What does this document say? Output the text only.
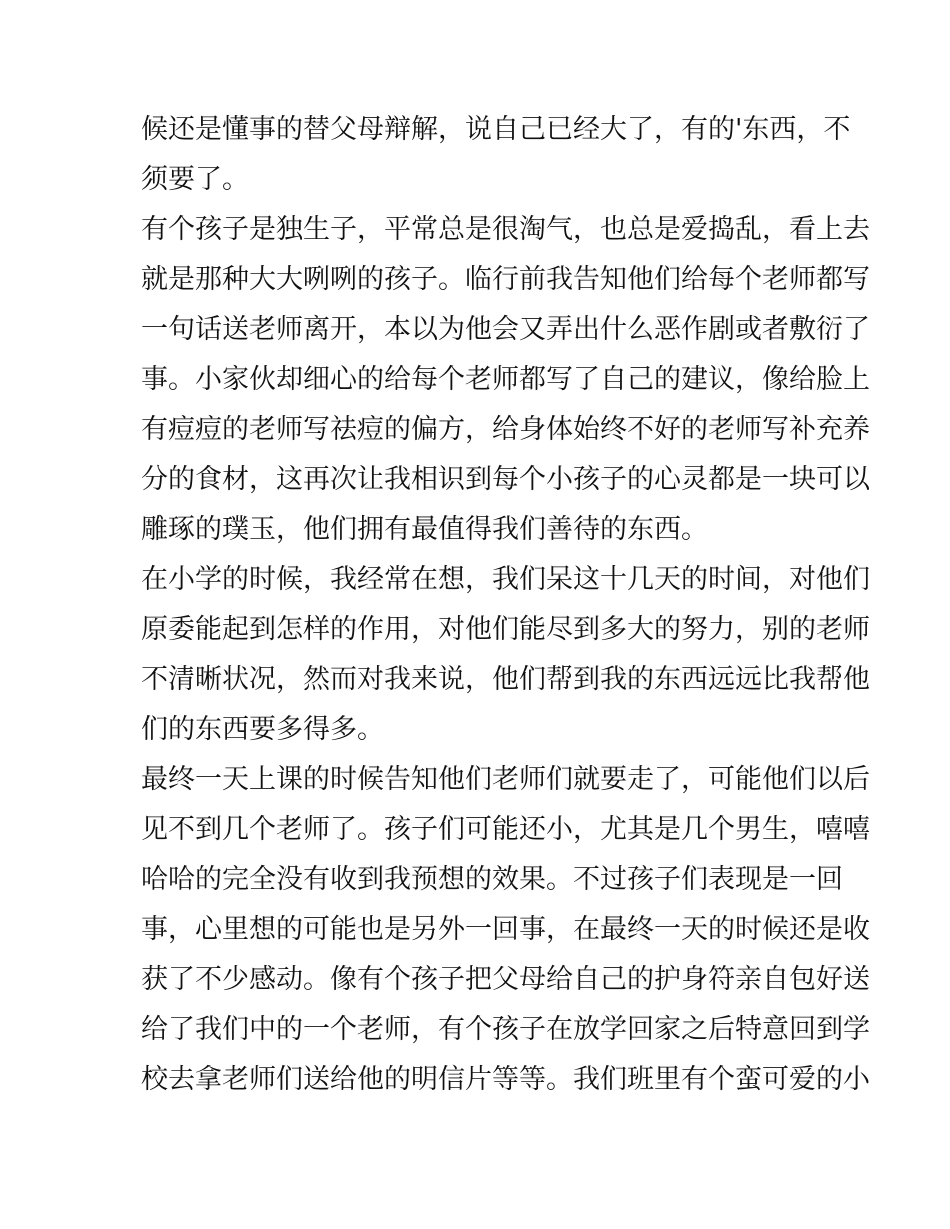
候还是懂事的替父母辩解，说自己已经大了，有的'东西，不
须要了。
有个孩子是独生子，平常总是很淘气，也总是爱捣乱，看上去
就是那种大大咧咧的孩子。临行前我告知他们给每个老师都写
一句话送老师离开，本以为他会又弄出什么恶作剧或者敷衍了
事。小家伙却细心的给每个老师都写了自己的建议，像给脸上
有痘痘的老师写祛痘的偏方，给身体始终不好的老师写补充养
分的食材，这再次让我相识到每个小孩子的心灵都是一块可以
雕琢的璞玉，他们拥有最值得我们善待的东西。
在小学的时候，我经常在想，我们呆这十几天的时间，对他们
原委能起到怎样的作用，对他们能尽到多大的努力，别的老师
不清晰状况，然而对我来说，他们帮到我的东西远远比我帮他
们的东西要多得多。
最终一天上课的时候告知他们老师们就要走了，可能他们以后
见不到几个老师了。孩子们可能还小，尤其是几个男生，嘻嘻
哈哈的完全没有收到我预想的效果。不过孩子们表现是一回
事，心里想的可能也是另外一回事，在最终一天的时候还是收
获了不少感动。像有个孩子把父母给自己的护身符亲自包好送
给了我们中的一个老师，有个孩子在放学回家之后特意回到学
校去拿老师们送给他的明信片等等。我们班里有个蛮可爱的小
